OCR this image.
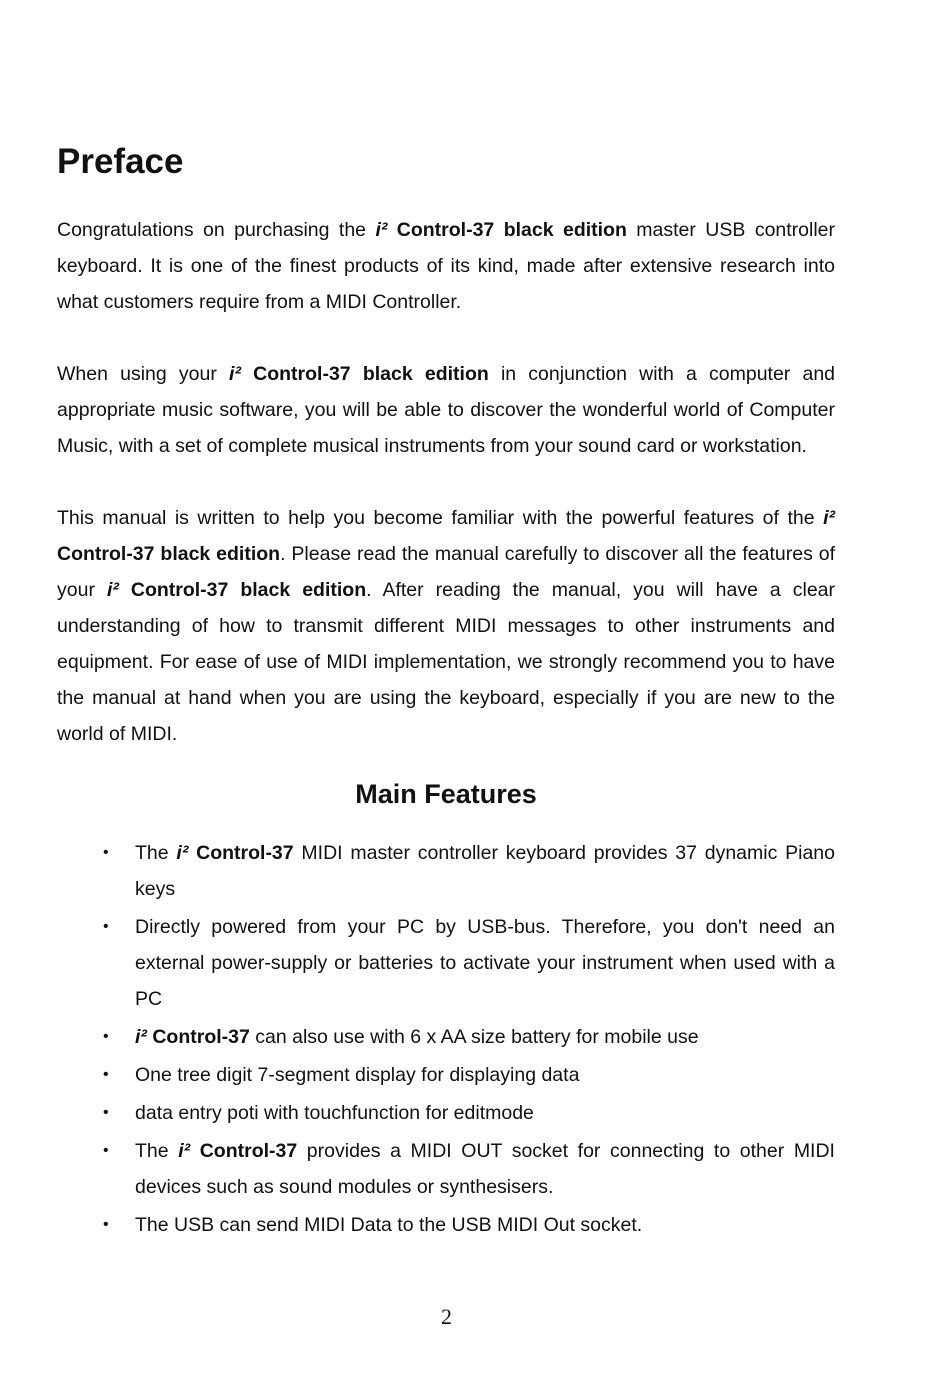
Preface

Congratulations on purchasing the i² Control-37 black edition master USB controller keyboard. It is one of the finest products of its kind, made after extensive research into what customers require from a MIDI Controller.

When using your i² Control-37 black edition in conjunction with a computer and appropriate music software, you will be able to discover the wonderful world of Computer Music, with a set of complete musical instruments from your sound card or workstation.

This manual is written to help you become familiar with the powerful features of the i² Control-37 black edition. Please read the manual carefully to discover all the features of your i² Control-37 black edition. After reading the manual, you will have a clear understanding of how to transmit different MIDI messages to other instruments and equipment. For ease of use of MIDI implementation, we strongly recommend you to have the manual at hand when you are using the keyboard, especially if you are new to the world of MIDI.

Main Features
• The i² Control-37 MIDI master controller keyboard provides 37 dynamic Piano keys
• Directly powered from your PC by USB-bus. Therefore, you don't need an external power-supply or batteries to activate your instrument when used with a PC
• i² Control-37 can also use with 6 x AA size battery for mobile use
• One tree digit 7-segment display for displaying data
• data entry poti with touchfunction for editmode
• The i² Control-37 provides a MIDI OUT socket for connecting to other MIDI devices such as sound modules or synthesisers.
• The USB can send MIDI Data to the USB MIDI Out socket.
2
